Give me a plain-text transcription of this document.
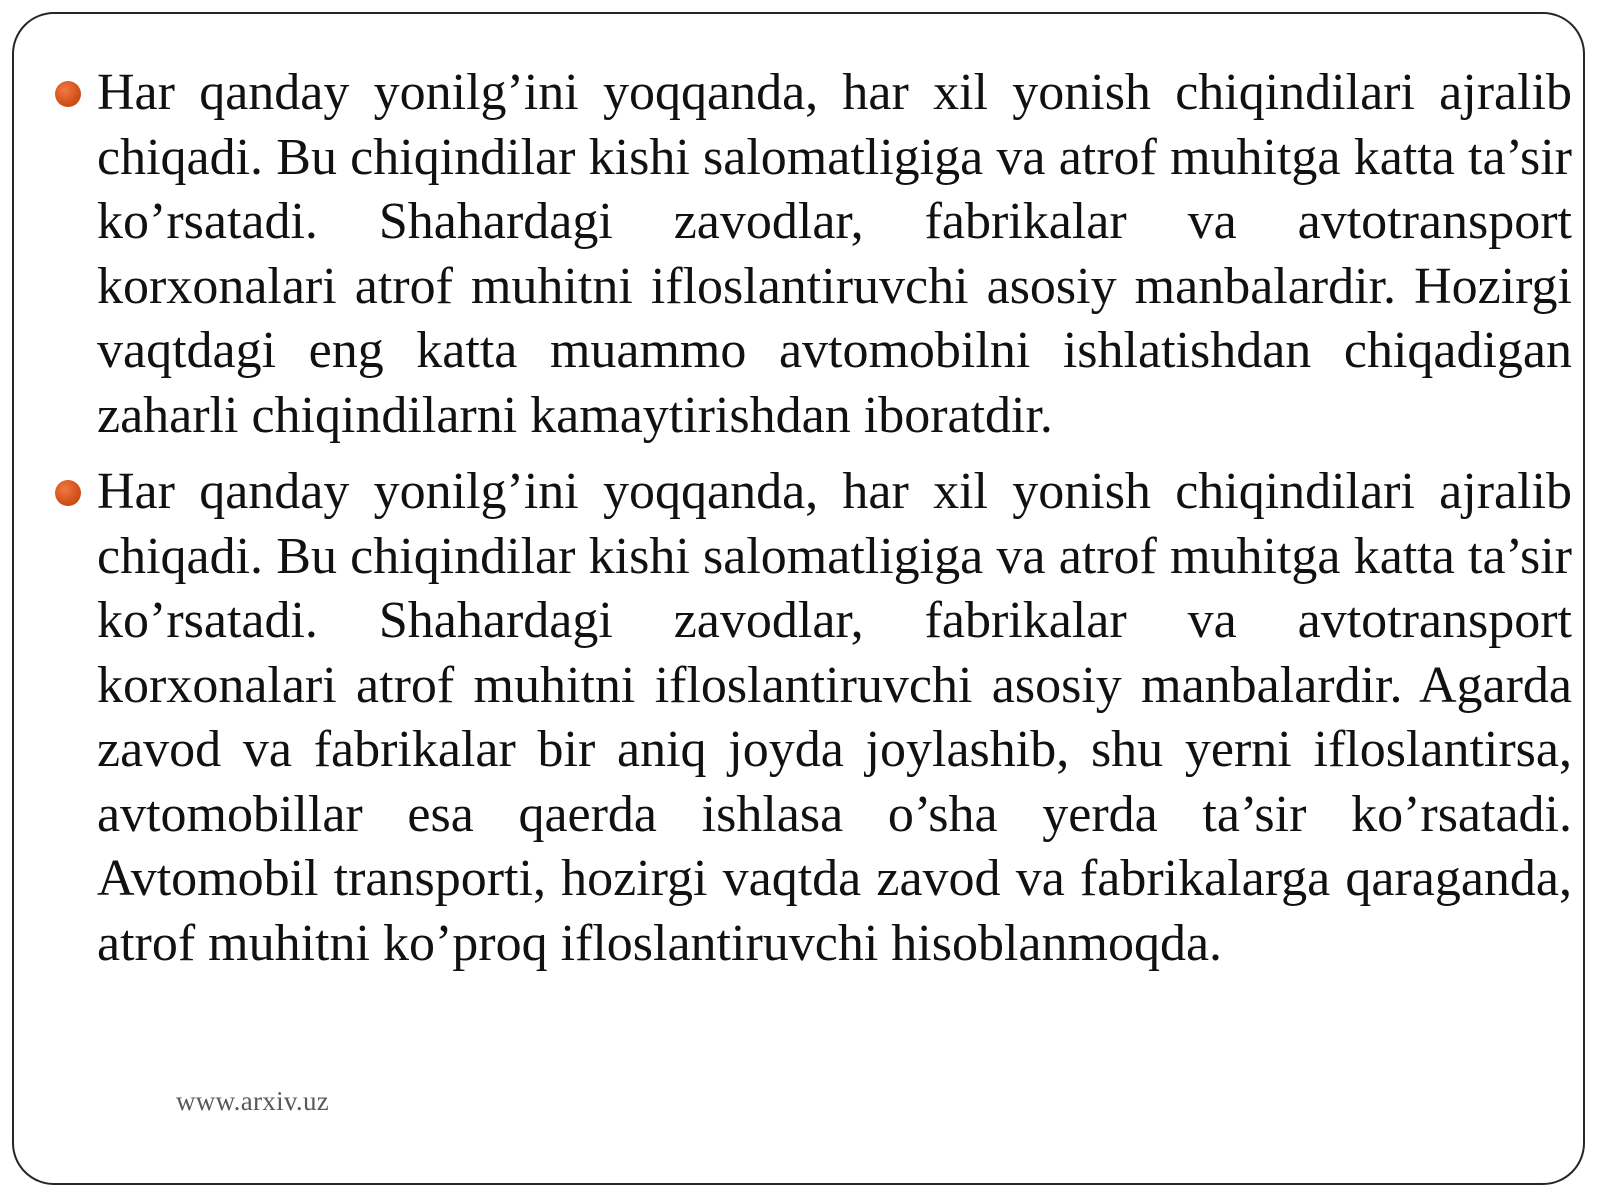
Har qanday yonilg’ini yoqqanda, har xil yonish chiqindilari ajralib chiqadi. Bu chiqindilar kishi salomatligiga va atrof muhitga katta ta’sir ko’rsatadi. Shahardagi zavodlar, fabrikalar va avtotransport korxonalari atrof muhitni ifloslantiruvchi asosiy manbalardir. Hozirgi vaqtdagi eng katta muammo avtomobilni ishlatishdan chiqadigan zaharli chiqindilarni kamaytirishdan iboratdir.

Har qanday yonilg’ini yoqqanda, har xil yonish chiqindilari ajralib chiqadi. Bu chiqindilar kishi salomatligiga va atrof muhitga katta ta’sir ko’rsatadi. Shahardagi zavodlar, fabrikalar va avtotransport korxonalari atrof muhitni ifloslantiruvchi asosiy manbalardir. Agarda zavod va fabrikalar bir aniq joyda joylashib, shu yerni ifloslantirsa, avtomobillar esa qaerda ishlasa o’sha yerda ta’sir ko’rsatadi. Avtomobil transporti, hozirgi vaqtda zavod va fabrikalarga qaraganda, atrof muhitni ko’proq ifloslantiruvchi hisoblanmoqda.

www.arxiv.uz
